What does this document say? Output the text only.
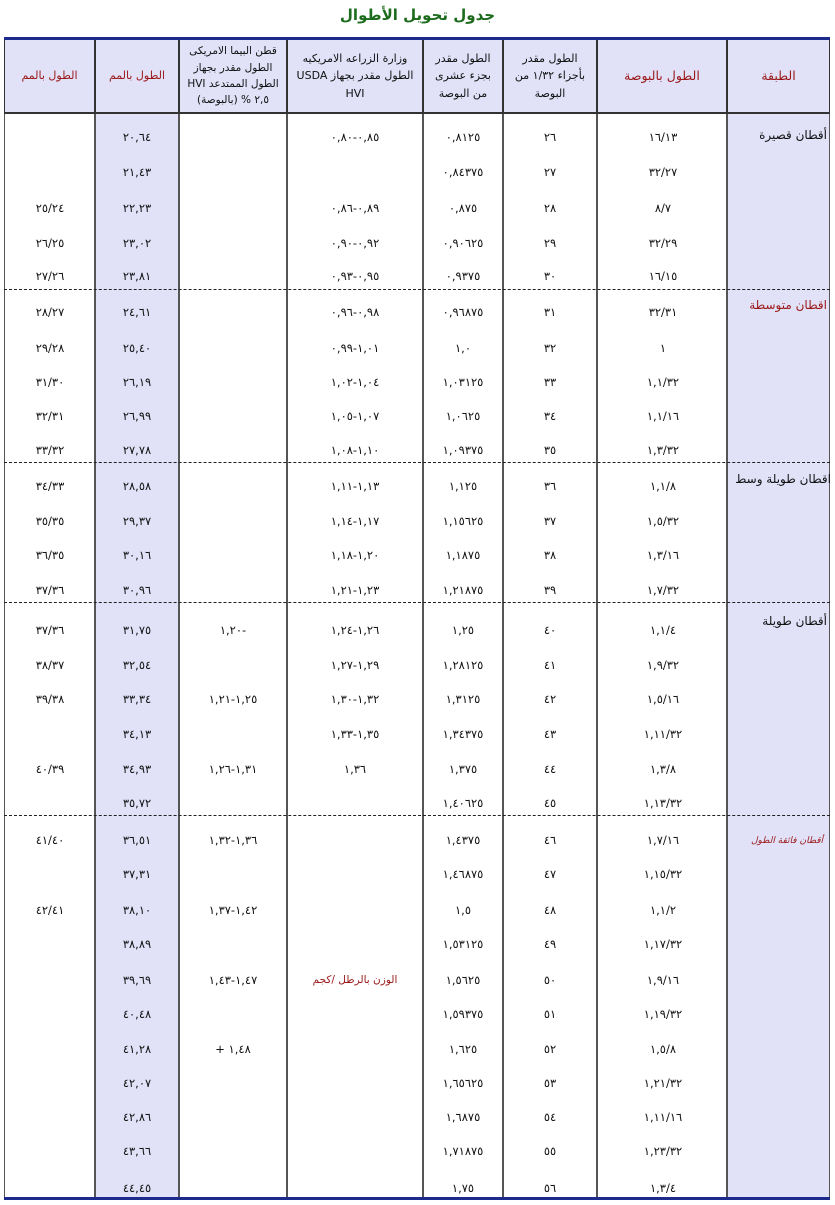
جدول تحويل الأطوال
الطبقة
الطول بالبوصة
الطول مقدر بأجزاء ١/٣٢ من البوصة
الطول مقدر بجزء عشرى من البوصة
وزارة الزراعه الامريكيه USDA الطول مقدر بجهاز HVI
قطن البيما الامريكى الطول مقدر بجهاز HVI الطول الممتدعد ٢,٥ % (بالبوصة)
الطول بالمم
الطول بالمم
أقطان قصيرة
اقطان متوسطة
اقطان طويلة وسط
أقطان طويلة
أقطان فائقة الطول
الوزن بالرطل /كجم
١٦/١٣
٢٦
٠,٨١٢٥
٠,٨٥-٠,٨٠
٢٠,٦٤
٣٢/٢٧
٢٧
٠,٨٤٣٧٥
٢١,٤٣
٨/٧
٢٨
٠,٨٧٥
٠,٨٩-٠,٨٦
٢٢,٢٣
٢٥/٢٤
٣٢/٢٩
٢٩
٠,٩٠٦٢٥
٠,٩٢-٠,٩٠
٢٣,٠٢
٢٦/٢٥
١٦/١٥
٣٠
٠,٩٣٧٥
٠,٩٥-٠,٩٣
٢٣,٨١
٢٧/٢٦
٣٢/٣١
٣١
٠,٩٦٨٧٥
٠,٩٨-٠,٩٦
٢٤,٦١
٢٨/٢٧
١
٣٢
١,٠
١,٠١-٠,٩٩
٢٥,٤٠
٢٩/٢٨
١,١/٣٢
٣٣
١,٠٣١٢٥
١,٠٤-١,٠٢
٢٦,١٩
٣١/٣٠
١,١/١٦
٣٤
١,٠٦٢٥
١,٠٧-١,٠٥
٢٦,٩٩
٣٢/٣١
١,٣/٣٢
٣٥
١,٠٩٣٧٥
١,١٠-١,٠٨
٢٧,٧٨
٣٣/٣٢
١,١/٨
٣٦
١,١٢٥
١,١٣-١,١١
٢٨,٥٨
٣٤/٣٣
١,٥/٣٢
٣٧
١,١٥٦٢٥
١,١٧-١,١٤
٢٩,٣٧
٣٥/٣٥
١,٣/١٦
٣٨
١,١٨٧٥
١,٢٠-١,١٨
٣٠,١٦
٣٦/٣٥
١,٧/٣٢
٣٩
١,٢١٨٧٥
١,٢٣-١,٢١
٣٠,٩٦
٣٧/٣٦
١,١/٤
٤٠
١,٢٥
١,٢٦-١,٢٤
١,٢٠-
٣١,٧٥
٣٧/٣٦
١,٩/٣٢
٤١
١,٢٨١٢٥
١,٢٩-١,٢٧
٣٢,٥٤
٣٨/٣٧
١,٥/١٦
٤٢
١,٣١٢٥
١,٣٢-١,٣٠
١,٢٥-١,٢١
٣٣,٣٤
٣٩/٣٨
١,١١/٣٢
٤٣
١,٣٤٣٧٥
١,٣٥-١,٣٣
٣٤,١٣
١,٣/٨
٤٤
١,٣٧٥
١,٣٦
١,٣١-١,٢٦
٣٤,٩٣
٤٠/٣٩
١,١٣/٣٢
٤٥
١,٤٠٦٢٥
٣٥,٧٢
١,٧/١٦
٤٦
١,٤٣٧٥
١,٣٦-١,٣٢
٣٦,٥١
٤١/٤٠
١,١٥/٣٢
٤٧
١,٤٦٨٧٥
٣٧,٣١
١,١/٢
٤٨
١,٥
١,٤٢-١,٣٧
٣٨,١٠
٤٢/٤١
١,١٧/٣٢
٤٩
١,٥٣١٢٥
٣٨,٨٩
١,٩/١٦
٥٠
١,٥٦٢٥
١,٤٧-١,٤٣
٣٩,٦٩
١,١٩/٣٢
٥١
١,٥٩٣٧٥
٤٠,٤٨
١,٥/٨
٥٢
١,٦٢٥
+ ١,٤٨
٤١,٢٨
١,٢١/٣٢
٥٣
١,٦٥٦٢٥
٤٢,٠٧
١,١١/١٦
٥٤
١,٦٨٧٥
٤٢,٨٦
١,٢٣/٣٢
٥٥
١,٧١٨٧٥
٤٣,٦٦
١,٣/٤
٥٦
١,٧٥
٤٤,٤٥
